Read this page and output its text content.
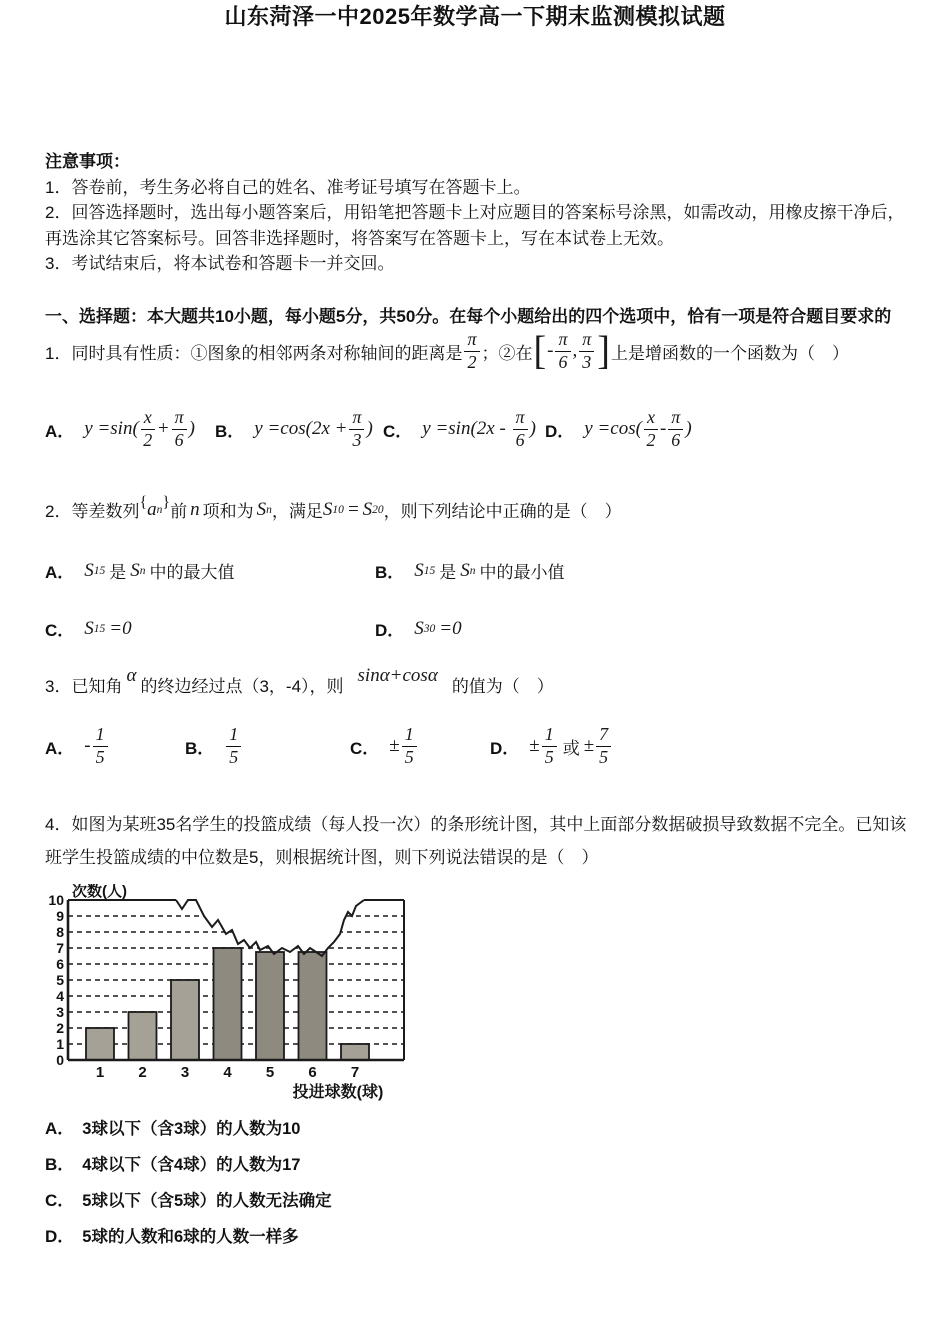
山东菏泽一中2025年数学高一下期末监测模拟试题
注意事项：
1．答卷前，考生务必将自己的姓名、准考证号填写在答题卡上。
2．回答选择题时，选出每小题答案后，用铅笔把答题卡上对应题目的答案标号涂黑，如需改动，用橡皮擦干净后，再选涂其它答案标号。回答非选择题时，将答案写在答题卡上，写在本试卷上无效。
3．考试结束后，将本试卷和答题卡一并交回。
一、选择题：本大题共10小题，每小题5分，共50分。在每个小题给出的四个选项中，恰有一项是符合题目要求的
1．同时具有性质：①图象的相邻两条对称轴间的距离是 $\frac{\pi}{2}$ ；②在 [ - $\frac{\pi}{6}$ , $\frac{\pi}{3}$ ] 上是增函数的一个函数为（　）
A． $y =\sin( \frac{x}{2} + \frac{\pi}{6}$ ) B． $y =\cos(2x + \frac{\pi}{3}$ ) C． $y =\sin(2x - \frac{\pi}{6}$ ) D． $y =\cos( \frac{x}{2} - \frac{\pi}{6}$ )
2．等差数列 { a n } 前 n 项和为 S n ，满足 S 10 = S 20 ，则下列结论中正确的是（　）
A． S 15 是 S n 中的最大值	B． S 15 是 S n 中的最小值
C． S 15 =0	D． S 30 =0
3．已知角
α
的终边经过点（3，-4），则
sinα+cosα
的值为（　）
A． - $\frac{1}{5}$	B． $\frac{1}{5}$	C． ± $\frac{1}{5}$	D． ± $\frac{1}{5}$ 或 ± $\frac{7}{5}$
4．如图为某班35名学生的投篮成绩（每人投一次）的条形统计图，其中上面部分数据破损导致数据不完全。已知该班学生投篮成绩的中位数是5，则根据统计图，则下列说法错误的是（　）
0
1
2
3
4
5
6
7
8
9
10
1 2 3 4 5 6 7
次数(人)
投进球数(球)
A． 3球以下（含3球）的人数为10
B． 4球以下（含4球）的人数为17
C． 5球以下（含5球）的人数无法确定
D． 5球的人数和6球的人数一样多
